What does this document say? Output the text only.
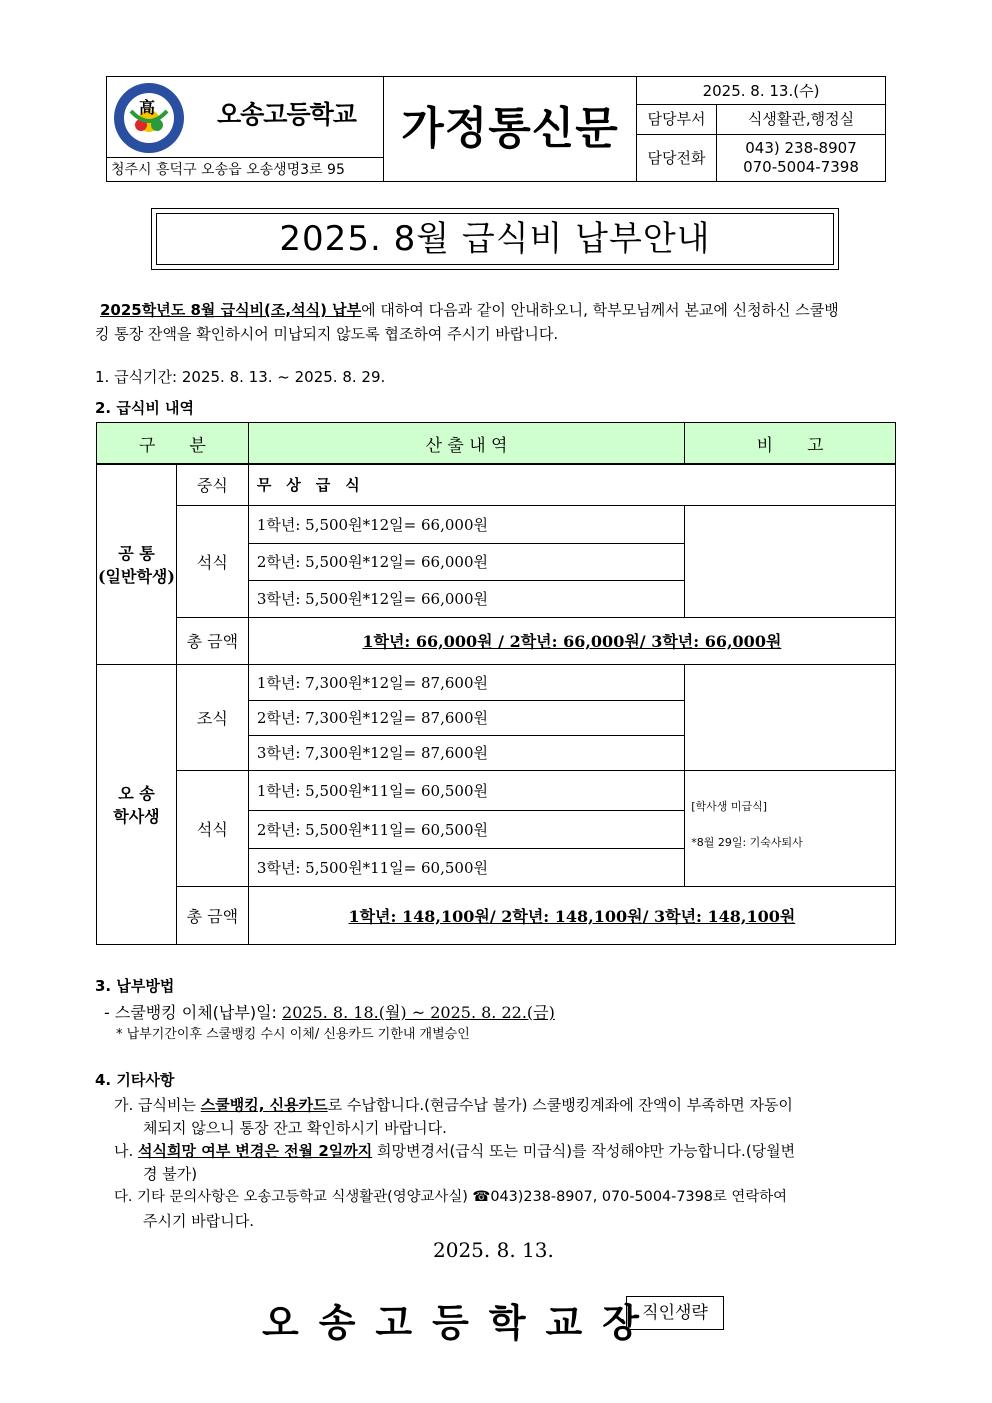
高 오송고등학교
청주시 흥덕구 오송읍 오송생명3로 95
가정통신문
2025. 8. 13.(수)
담당부서	식생활관,행정실
담당전화
043) 238-8907
070-5004-7398
2025. 8월 급식비 납부안내
2025학년도 8월 급식비(조,석식) 납부에 대하여 다음과 같이 안내하오니, 학부모님께서 본교에 신청하신 스쿨뱅
킹 통장 잔액을 확인하시어 미납되지 않도록 협조하여 주시기 바랍니다.
1. 급식기간: 2025. 8. 13. ~ 2025. 8. 29.
2. 급식비 내역
구　　분		산 출 내 역	비　　고

공 통
(일반학생)	중식	무　상　급　식	
	석식	1학년: 5,500원*12일= 66,000원	
		2학년: 5,500원*12일= 66,000원	
		3학년: 5,500원*12일= 66,000원	
	총 금액	1학년: 66,000원 / 2학년: 66,000원/ 3학년: 66,000원	

오 송
학사생	조식	1학년: 7,300원*12일= 87,600원	
		2학년: 7,300원*12일= 87,600원	
		3학년: 7,300원*12일= 87,600원	
	석식	1학년: 5,500원*11일= 60,500원	[학사생 미급식]
*8월 29일: 기숙사퇴사

		2학년: 5,500원*11일= 60,500원	
		3학년: 5,500원*11일= 60,500원	
	총 금액	1학년: 148,100원/ 2학년: 148,100원/ 3학년: 148,100원	
3. 납부방법
- 스쿨뱅킹 이체(납부)일: 2025. 8. 18.(월) ~ 2025. 8. 22.(금)
* 납부기간이후 스쿨뱅킹 수시 이체/ 신용카드 기한내 개별승인
4. 기타사항
가. 급식비는 스쿨뱅킹, 신용카드로 수납합니다.(현금수납 불가) 스쿨뱅킹계좌에 잔액이 부족하면 자동이
체되지 않으니 통장 잔고 확인하시기 바랍니다.
나. 석식희망 여부 변경은 전월 2일까지 희망변경서(급식 또는 미급식)를 작성해야만 가능합니다.(당월변
경 불가)
다. 기타 문의사항은 오송고등학교 식생활관(영양교사실) ☎043)238-8907, 070-5004-7398로 연락하여
주시기 바랍니다.
2025. 8. 13.
오송고등학교장
직인생략
